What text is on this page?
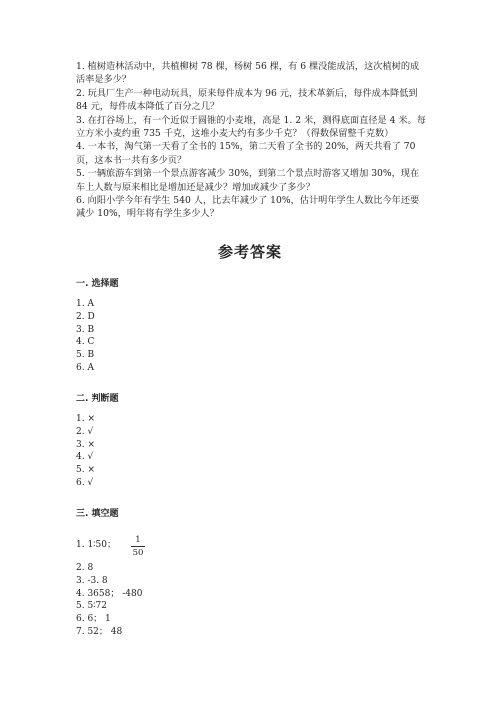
1. 植树造林活动中，共植柳树 78 棵，杨树 56 棵，有 6 棵没能成活，这次植树的成活率是多少？

2. 玩具厂生产一种电动玩具，原来每件成本为 96 元，技术革新后，每件成本降低到 84 元，每件成本降低了百分之几？

3. 在打谷场上，有一个近似于圆锥的小麦堆，高是 1. 2 米，测得底面直径是 4 米。每立方米小麦约重 735 千克，这堆小麦大约有多少千克？（得数保留整千克数）

4. 一本书，淘气第一天看了全书的 15%，第二天看了全书的 20%，两天共看了 70 页，这本书一共有多少页？

5. 一辆旅游车到第一个景点游客减少 30%，到第二个景点时游客又增加 30%，现在车上人数与原来相比是增加还是减少？增加或减少了多少？

6. 向阳小学今年有学生 540 人，比去年减少了 10%，估计明年学生人数比今年还要减少 10%，明年将有学生多少人？

参考答案
一. 选择题
1. A
2. D
3. B
4. C
5. B
6. A
二. 判断题
1. ×
2. √
3. ×
4. √
5. ×
6. √
三. 填空题
1. 1∶50；	1
50
2. 8
3. -3. 8
4. 3658； -480
5. 5∶72
6. 6； 1
7. 52； 48
